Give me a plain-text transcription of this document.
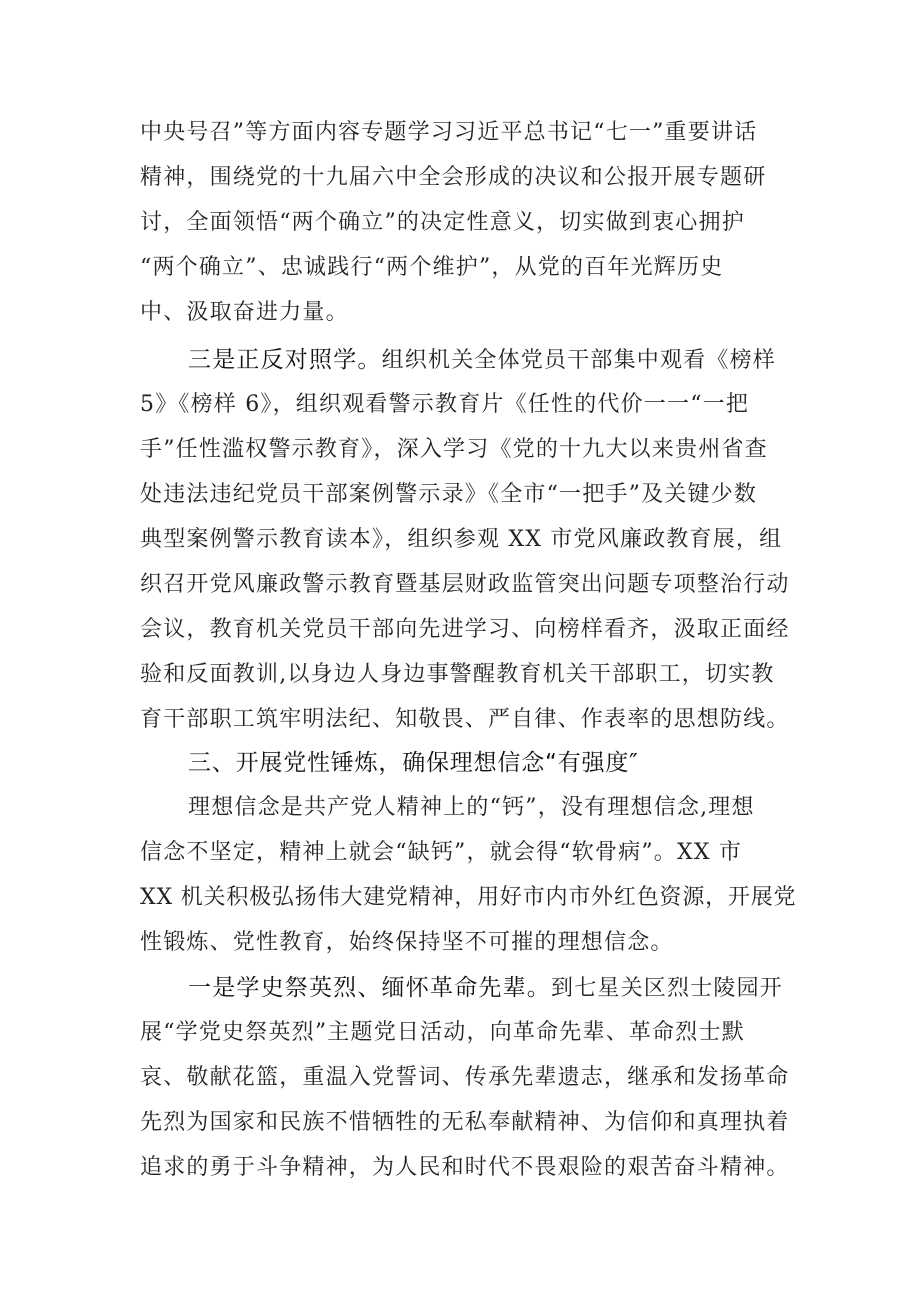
中央号召”等方面内容专题学习习近平总书记“七一”重要讲话
精神，围绕党的十九届六中全会形成的决议和公报开展专题研
讨，全面领悟“两个确立”的决定性意义，切实做到衷心拥护
“两个确立”、忠诚践行“两个维护”，从党的百年光辉历史
中、汲取奋进力量。
三是正反对照学。组织机关全体党员干部集中观看《榜样
5》《榜样 6》，组织观看警示教育片《任性的代价一一“一把
手”任性滥权警示教育》，深入学习《党的十九大以来贵州省查
处违法违纪党员干部案例警示录》《全市“一把手”及关键少数
典型案例警示教育读本》，组织参观 XX 市党风廉政教育展，组
织召开党风廉政警示教育暨基层财政监管突出问题专项整治行动
会议，教育机关党员干部向先进学习、向榜样看齐，汲取正面经
验和反面教训,以身边人身边事警醒教育机关干部职工，切实教
育干部职工筑牢明法纪、知敬畏、严自律、作表率的思想防线。
三、开展党性锤炼，确保理想信念“有强度″
理想信念是共产党人精神上的“钙”，没有理想信念,理想
信念不坚定，精神上就会“缺钙”，就会得“软骨病”。XX 市
XX 机关积极弘扬伟大建党精神，用好市内市外红色资源，开展党
性锻炼、党性教育，始终保持坚不可摧的理想信念。
一是学史祭英烈、缅怀革命先辈。到七星关区烈士陵园开
展“学党史祭英烈”主题党日活动，向革命先辈、革命烈士默
哀、敬献花篮，重温入党誓词、传承先辈遗志，继承和发扬革命
先烈为国家和民族不惜牺牲的无私奉献精神、为信仰和真理执着
追求的勇于斗争精神，为人民和时代不畏艰险的艰苦奋斗精神。
